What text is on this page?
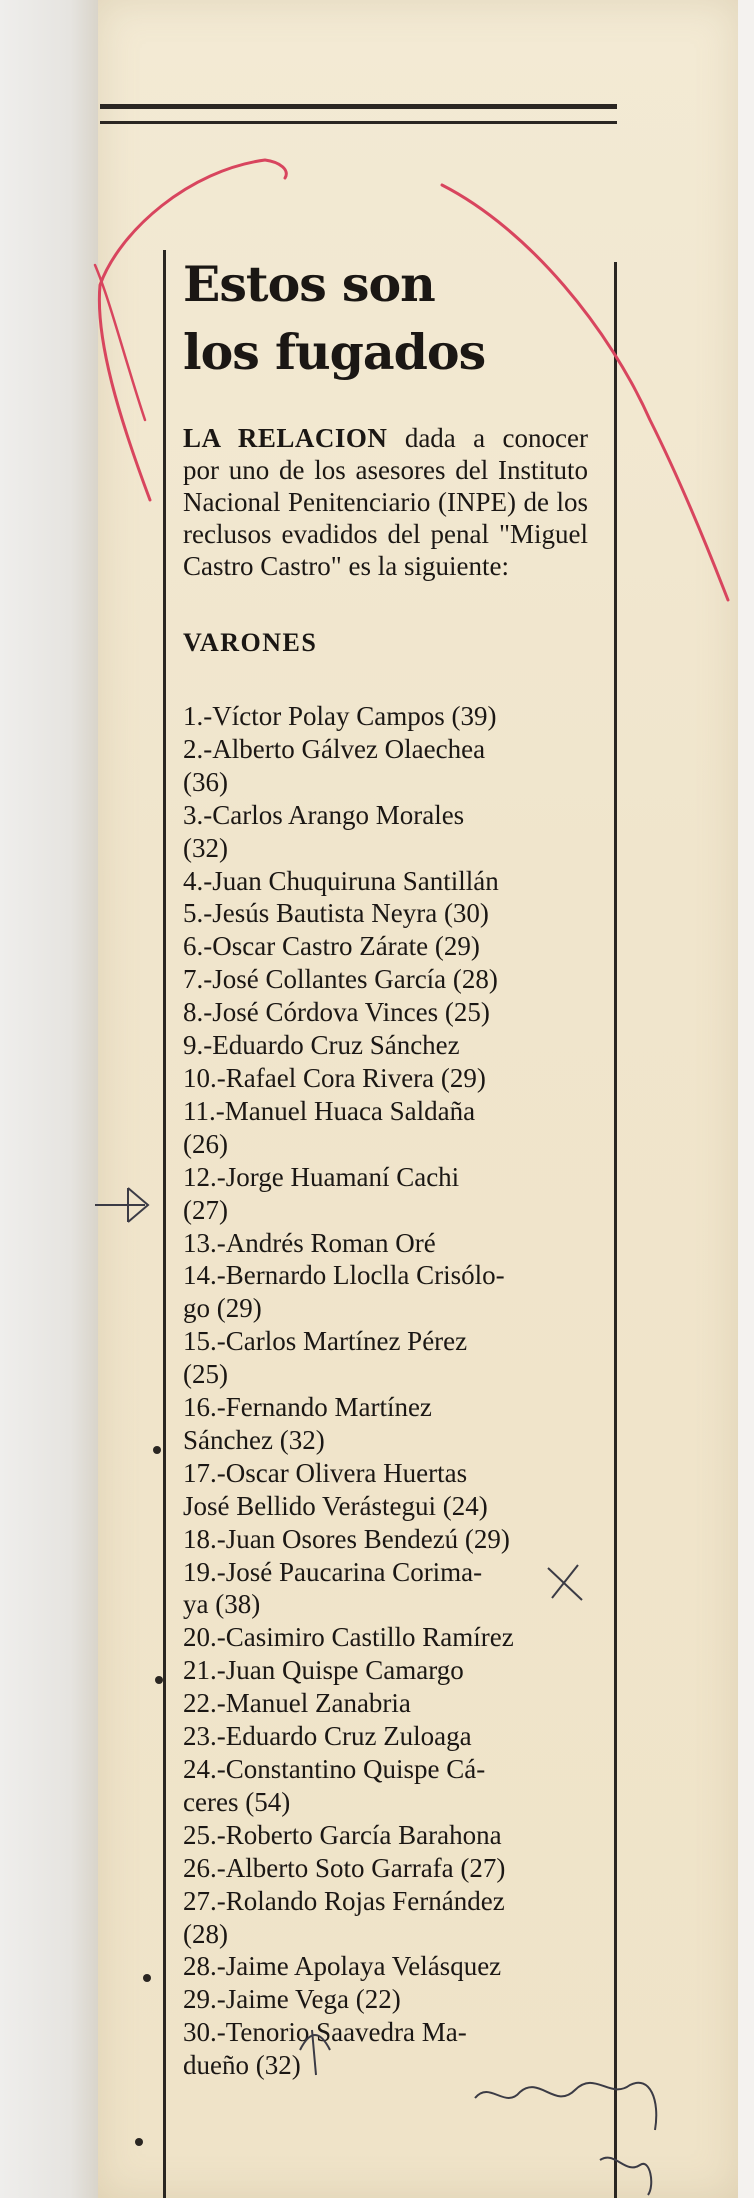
Estos son
los fugados

LA RELACION dada a conocer por uno de los asesores del Instituto Nacional Penitenciario (INPE) de los reclusos evadidos del penal "Miguel Castro Castro" es la siguiente:

VARONES
1.-Víctor Polay Campos (39)
2.-Alberto Gálvez Olaechea
(36)
3.-Carlos Arango Morales
(32)
4.-Juan Chuquiruna Santillán
5.-Jesús Bautista Neyra (30)
6.-Oscar Castro Zárate (29)
7.-José Collantes García (28)
8.-José Córdova Vinces (25)
9.-Eduardo Cruz Sánchez
10.-Rafael Cora Rivera (29)
11.-Manuel Huaca Saldaña
(26)
12.-Jorge Huamaní Cachi
(27)
13.-Andrés Roman Oré
14.-Bernardo Lloclla Crisólo-
go (29)
15.-Carlos Martínez Pérez
(25)
16.-Fernando Martínez
Sánchez (32)
17.-Oscar Olivera Huertas
José Bellido Verástegui (24)
18.-Juan Osores Bendezú (29)
19.-José Paucarina Corima-
ya (38)
20.-Casimiro Castillo Ramírez
21.-Juan Quispe Camargo
22.-Manuel Zanabria
23.-Eduardo Cruz Zuloaga
24.-Constantino Quispe Cá-
ceres (54)
25.-Roberto García Barahona
26.-Alberto Soto Garrafa (27)
27.-Rolando Rojas Fernández
(28)
28.-Jaime Apolaya Velásquez
29.-Jaime Vega (22)
30.-Tenorio Saavedra Ma-
dueño (32)
